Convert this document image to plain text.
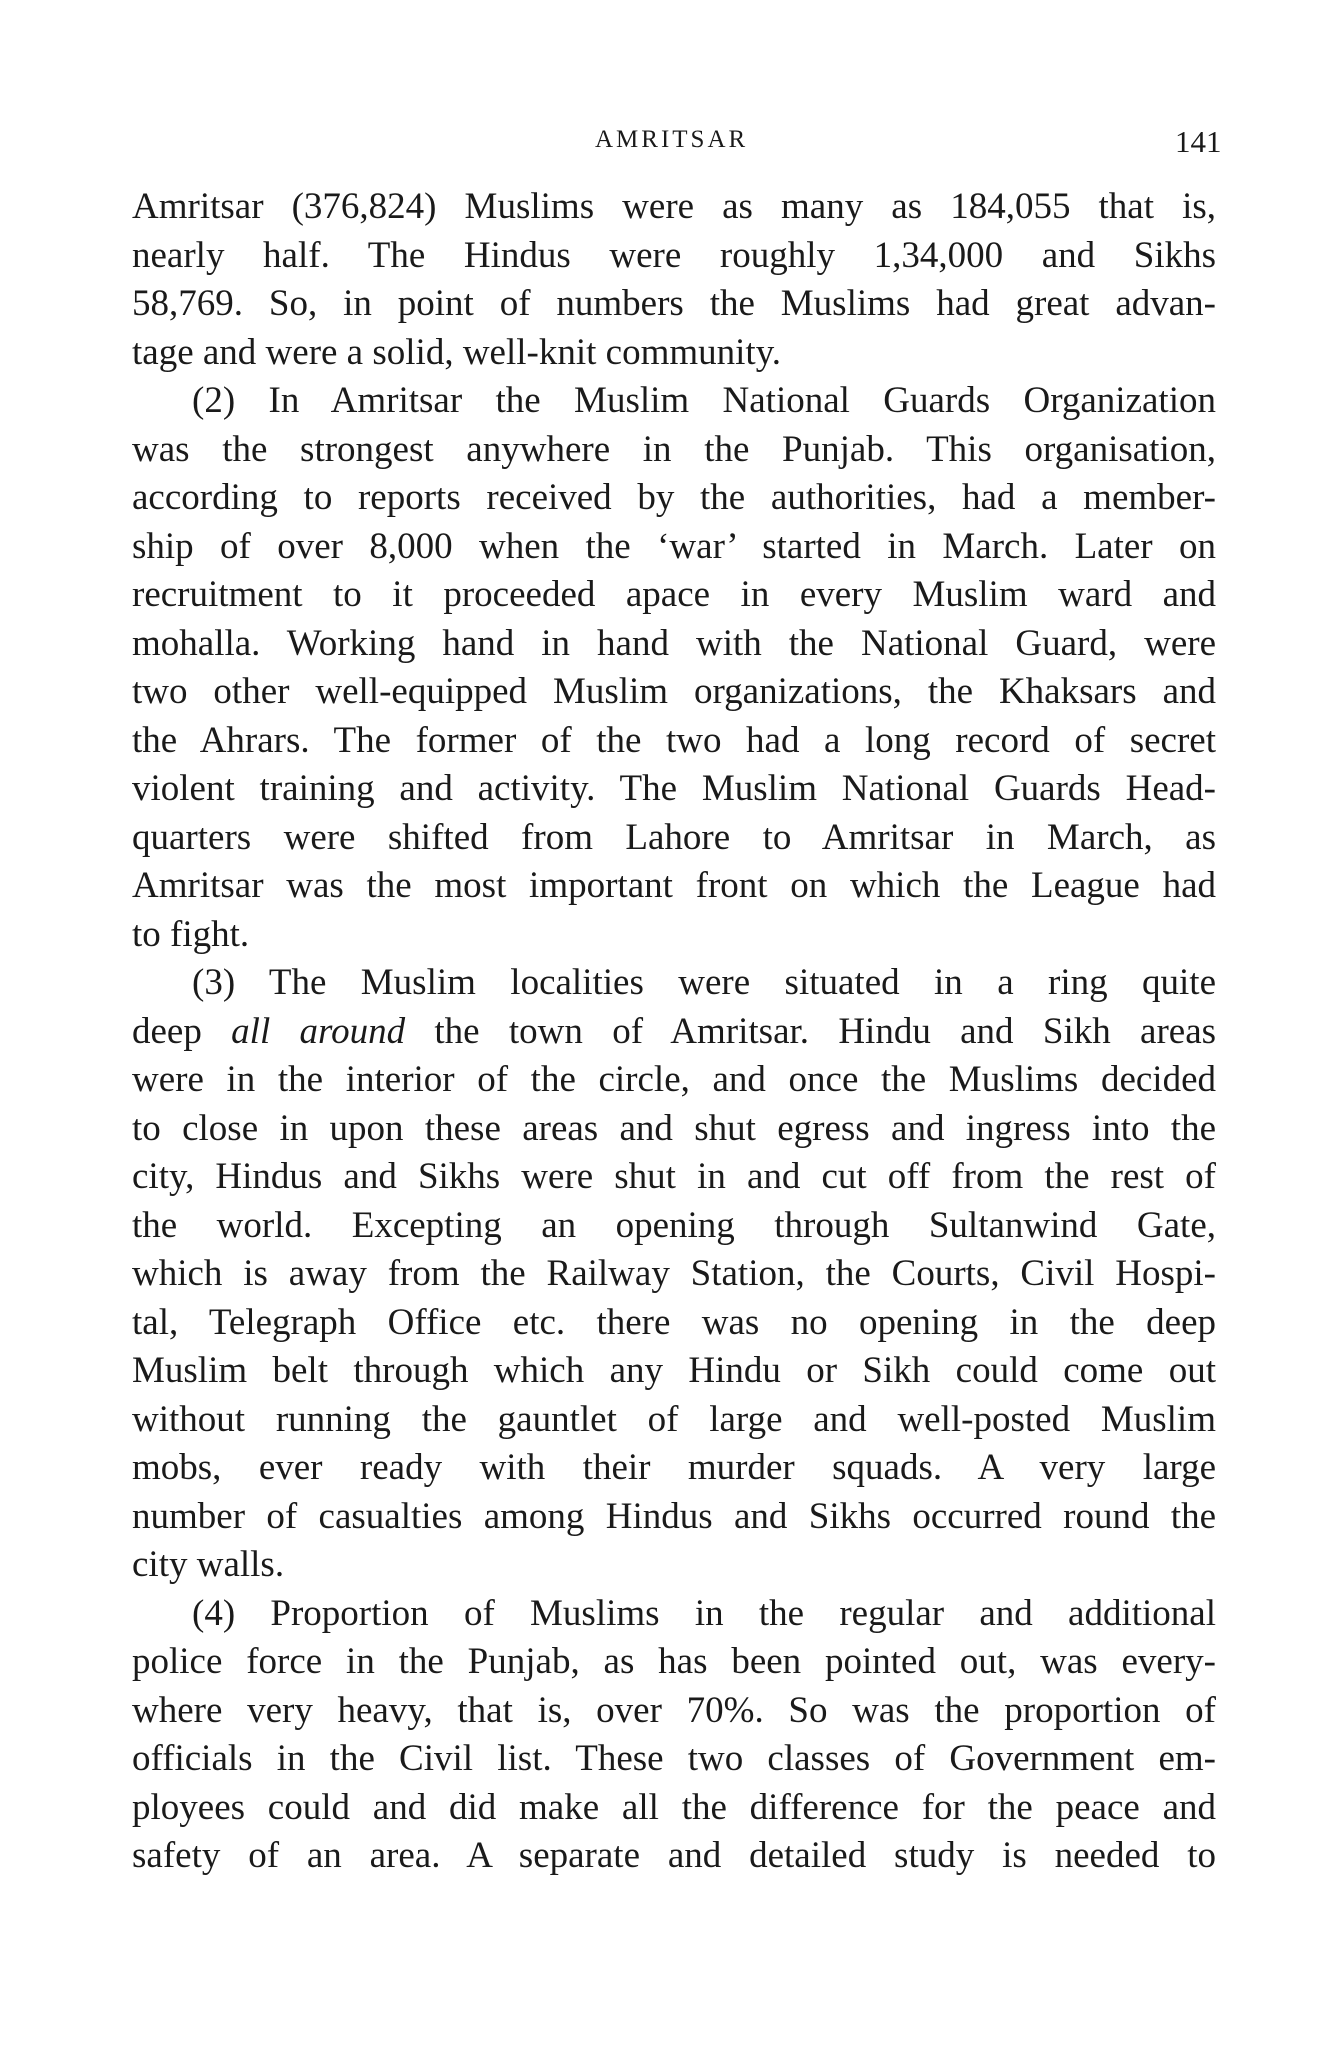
AMRITSAR	141
Amritsar (376,824) Muslims were as many as 184,055 that is,
nearly half. The Hindus were roughly 1,34,000 and Sikhs
58,769. So, in point of numbers the Muslims had great advan-
tage and were a solid, well-knit community.
(2) In Amritsar the Muslim National Guards Organization
was the strongest anywhere in the Punjab. This organisation,
according to reports received by the authorities, had a member-
ship of over 8,000 when the ‘war’ started in March. Later on
recruitment to it proceeded apace in every Muslim ward and
mohalla. Working hand in hand with the National Guard, were
two other well-equipped Muslim organizations, the Khaksars and
the Ahrars. The former of the two had a long record of secret
violent training and activity. The Muslim National Guards Head-
quarters were shifted from Lahore to Amritsar in March, as
Amritsar was the most important front on which the League had
to fight.
(3) The Muslim localities were situated in a ring quite
deep all around the town of Amritsar. Hindu and Sikh areas
were in the interior of the circle, and once the Muslims decided
to close in upon these areas and shut egress and ingress into the
city, Hindus and Sikhs were shut in and cut off from the rest of
the world. Excepting an opening through Sultanwind Gate,
which is away from the Railway Station, the Courts, Civil Hospi-
tal, Telegraph Office etc. there was no opening in the deep
Muslim belt through which any Hindu or Sikh could come out
without running the gauntlet of large and well-posted Muslim
mobs, ever ready with their murder squads. A very large
number of casualties among Hindus and Sikhs occurred round the
city walls.
(4) Proportion of Muslims in the regular and additional
police force in the Punjab, as has been pointed out, was every-
where very heavy, that is, over 70%. So was the proportion of
officials in the Civil list. These two classes of Government em-
ployees could and did make all the difference for the peace and
safety of an area. A separate and detailed study is needed to
